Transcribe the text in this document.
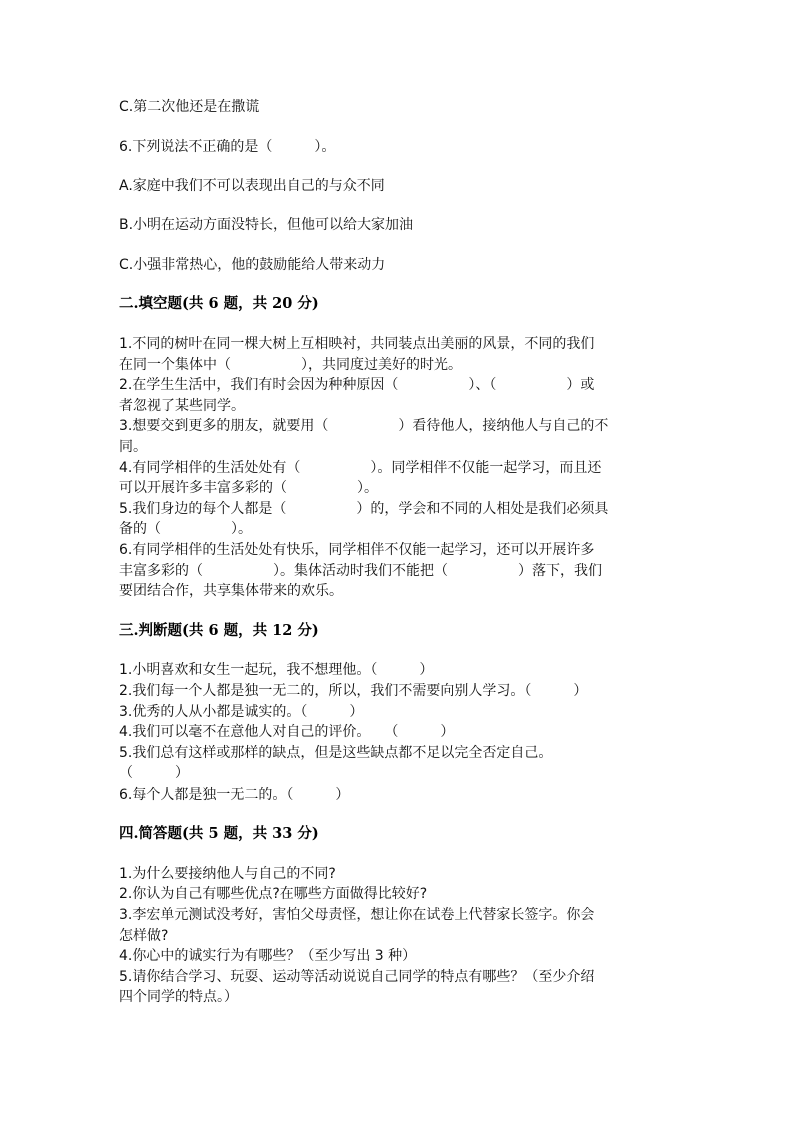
C.第二次他还是在撒谎
6.下列说法不正确的是（　　　）。
A.家庭中我们不可以表现出自己的与众不同
B.小明在运动方面没特长，但他可以给大家加油
C.小强非常热心，他的鼓励能给人带来动力
二.填空题(共 6 题，共 20 分)
1.不同的树叶在同一棵大树上互相映衬，共同装点出美丽的风景，不同的我们
在同一个集体中（　　　　　），共同度过美好的时光。
2.在学生生活中，我们有时会因为种种原因（　　　　　）、（　　　　　）或
者忽视了某些同学。
3.想要交到更多的朋友，就要用（　　　　　）看待他人，接纳他人与自己的不
同。
4.有同学相伴的生活处处有（　　　　　）。同学相伴不仅能一起学习，而且还
可以开展许多丰富多彩的（　　　　　）。
5.我们身边的每个人都是（　　　　　）的，学会和不同的人相处是我们必须具
备的（　　　　　）。
6.有同学相伴的生活处处有快乐，同学相伴不仅能一起学习，还可以开展许多
丰富多彩的（　　　　　）。集体活动时我们不能把（　　　　　）落下，我们
要团结合作，共享集体带来的欢乐。
三.判断题(共 6 题，共 12 分)
1.小明喜欢和女生一起玩，我不想理他。（　　　）
2.我们每一个人都是独一无二的，所以，我们不需要向别人学习。（　　　）
3.优秀的人从小都是诚实的。（　　　）
4.我们可以毫不在意他人对自己的评价。　　（　　　）
5.我们总有这样或那样的缺点，但是这些缺点都不足以完全否定自己。
（　　　）
6.每个人都是独一无二的。（　　　）
四.简答题(共 5 题，共 33 分)
1.为什么要接纳他人与自己的不同?
2.你认为自己有哪些优点?在哪些方面做得比较好?
3.李宏单元测试没考好，害怕父母责怪，想让你在试卷上代替家长签字。你会
怎样做?
4.你心中的诚实行为有哪些？（至少写出 3 种）
5.请你结合学习、玩耍、运动等活动说说自己同学的特点有哪些？（至少介绍
四个同学的特点。）
